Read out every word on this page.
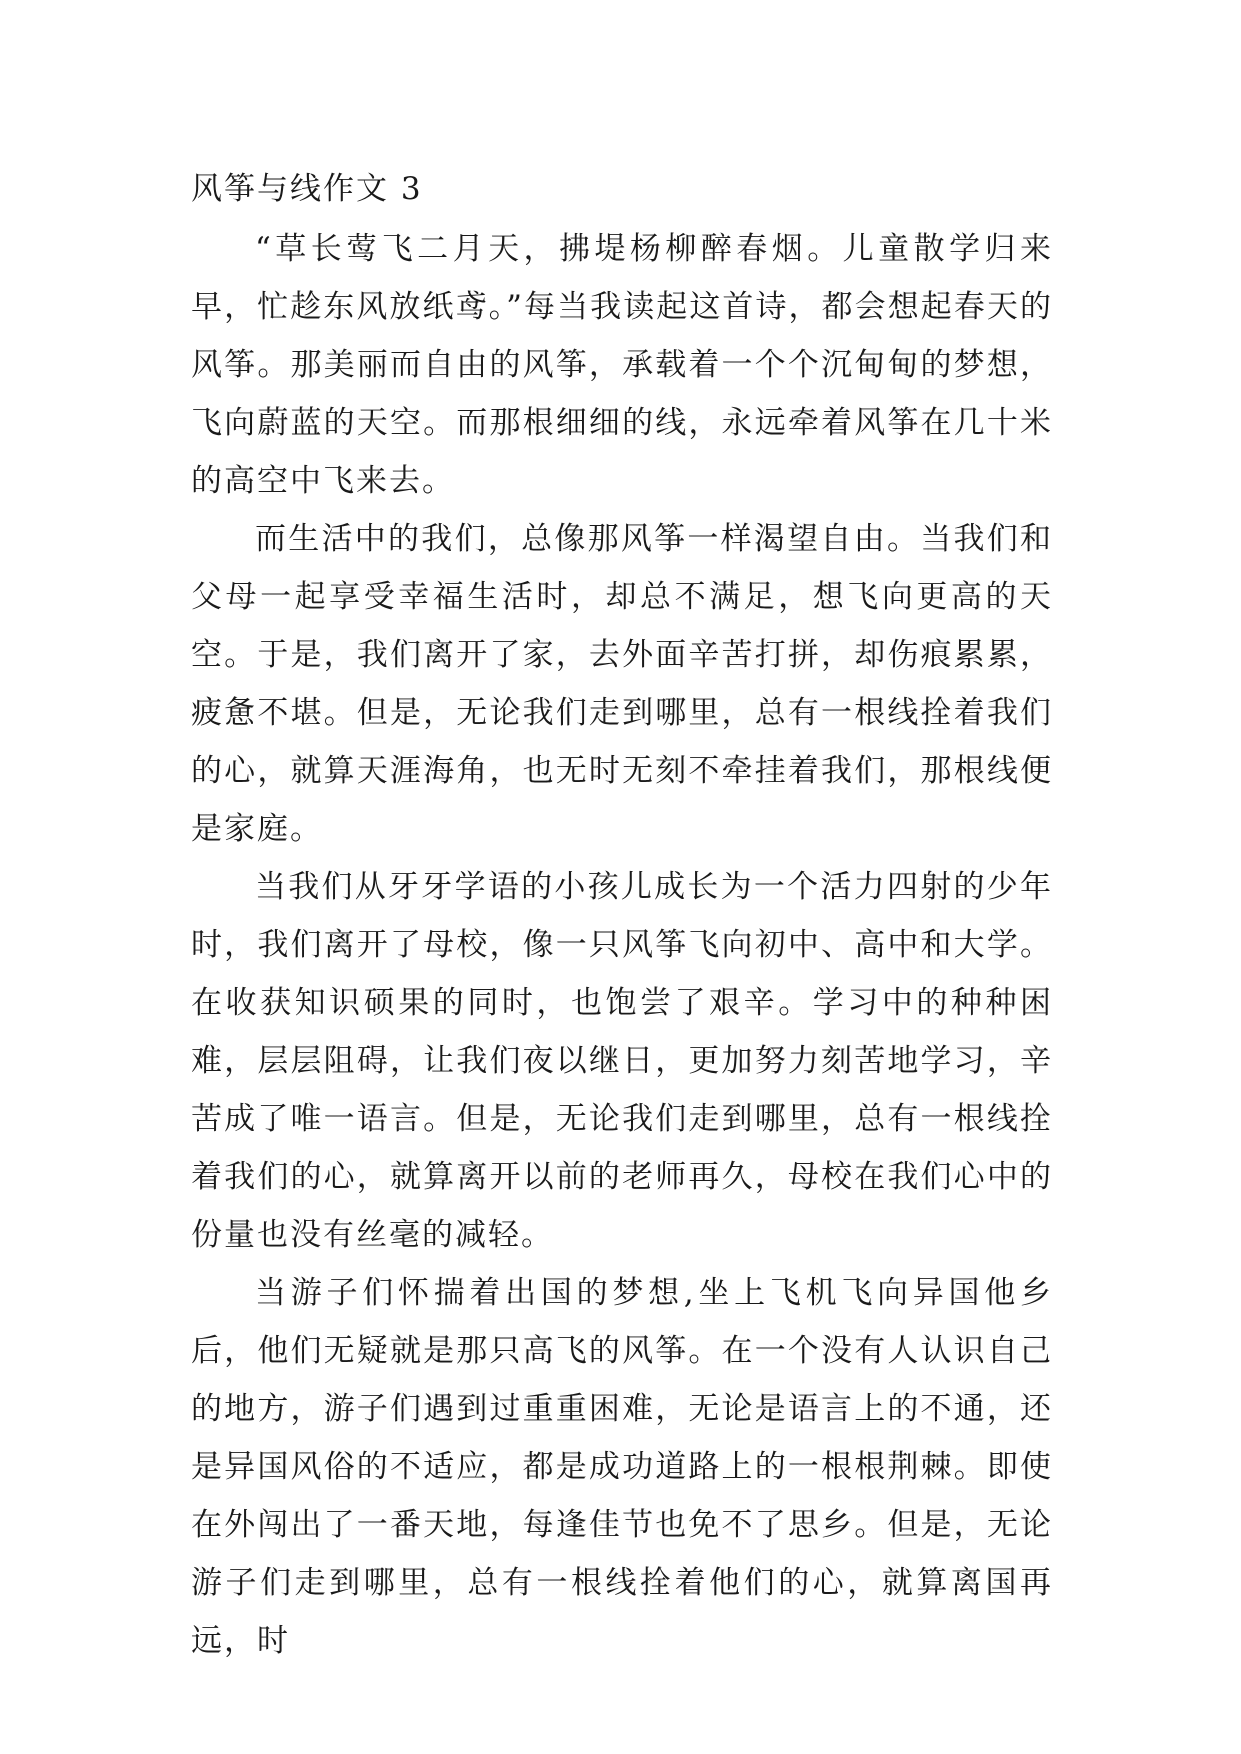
风筝与线作文 3

“草长莺飞二月天，拂堤杨柳醉春烟。儿童散学归来早，忙趁东风放纸鸢。”每当我读起这首诗，都会想起春天的风筝。那美丽而自由的风筝，承载着一个个沉甸甸的梦想，飞向蔚蓝的天空。而那根细细的线，永远牵着风筝在几十米的高空中飞来去。

而生活中的我们，总像那风筝一样渴望自由。当我们和父母一起享受幸福生活时，却总不满足，想飞向更高的天空。于是，我们离开了家，去外面辛苦打拼，却伤痕累累，疲惫不堪。但是，无论我们走到哪里，总有一根线拴着我们的心，就算天涯海角，也无时无刻不牵挂着我们，那根线便是家庭。

当我们从牙牙学语的小孩儿成长为一个活力四射的少年时，我们离开了母校，像一只风筝飞向初中、高中和大学。在收获知识硕果的同时，也饱尝了艰辛。学习中的种种困难，层层阻碍，让我们夜以继日，更加努力刻苦地学习，辛苦成了唯一语言。但是，无论我们走到哪里，总有一根线拴着我们的心，就算离开以前的老师再久，母校在我们心中的份量也没有丝毫的减轻。

当游子们怀揣着出国的梦想,坐上飞机飞向异国他乡后，他们无疑就是那只高飞的风筝。在一个没有人认识自己的地方，游子们遇到过重重困难，无论是语言上的不通，还是异国风俗的不适应，都是成功道路上的一根根荆棘。即使在外闯出了一番天地，每逢佳节也免不了思乡。但是，无论游子们走到哪里，总有一根线拴着他们的心，就算离国再远，时
